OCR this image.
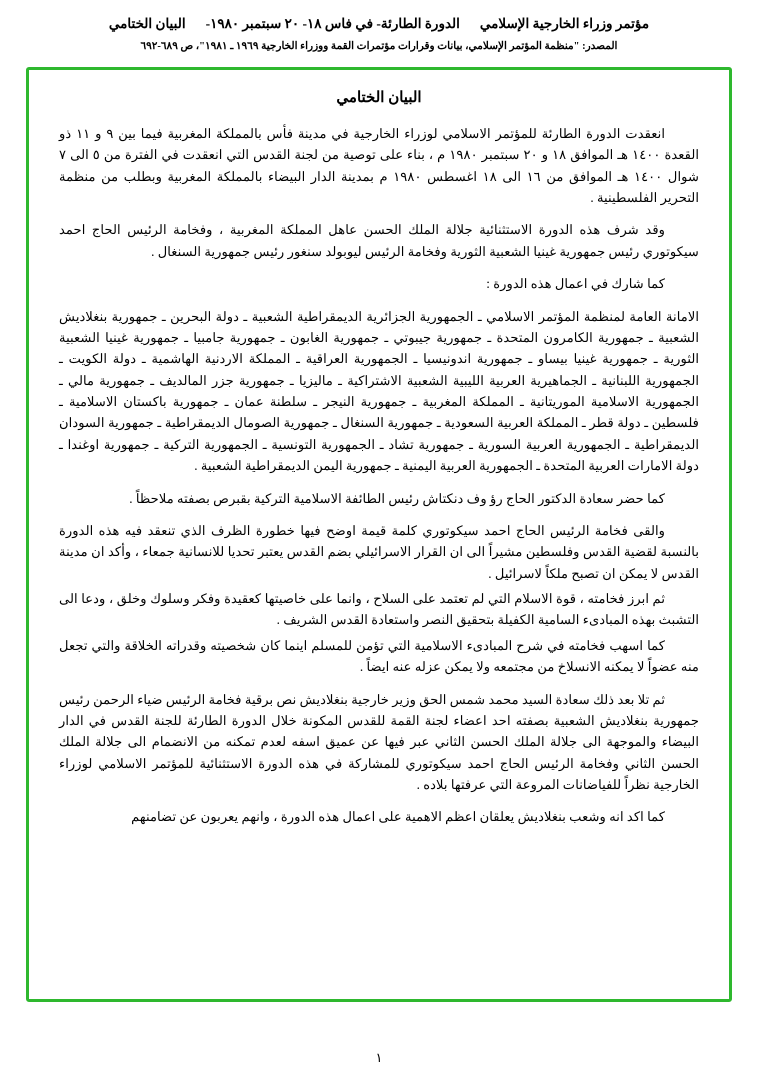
مؤتمر وزراء الخارجية الإسلاميالدورة الطارئة- في فاس ١٨- ٢٠ سبتمبر ١٩٨٠-البيان الختامي
المصدر: "منظمة المؤتمر الإسلامي، بيانات وقرارات مؤتمرات القمة ووزراء الخارجية ١٩٦٩ ـ ١٩٨١"، ص ٦٨٩-٦٩٢
البيان الختامي

انعقدت الدورة الطارئة للمؤتمر الاسلامي لوزراء الخارجية في مدينة فأس بالمملكة المغربية فيما بين ٩ و ١١ ذو القعدة ١٤٠٠ هـ الموافق ١٨ و ٢٠ سبتمبر ١٩٨٠ م ، بناء على توصية من لجنة القدس التي انعقدت في الفترة من ٥ الى ٧ شوال ١٤٠٠ هـ الموافق من ١٦ الى ١٨ اغسطس ١٩٨٠ م بمدينة الدار البيضاء بالمملكة المغربية وبطلب من منظمة التحرير الفلسطينية .

وقد شرف هذه الدورة الاستثنائية جلالة الملك الحسن عاهل المملكة المغربية ، وفخامة الرئيس الحاج احمد سيكوتوري رئيس جمهورية غينيا الشعبية الثورية وفخامة الرئيس ليوبولد سنغور رئيس جمهورية السنغال .

كما شارك في اعمال هذه الدورة :

الامانة العامة لمنظمة المؤتمر الاسلامي ـ الجمهورية الجزائرية الديمقراطية الشعبية ـ دولة البحرين ـ جمهورية بنغلاديش الشعبية ـ جمهورية الكامرون المتحدة ـ جمهورية جيبوتي ـ جمهورية الغابون ـ جمهورية جامبيا ـ جمهورية غينيا الشعبية الثورية ـ جمهورية غينيا بيساو ـ جمهورية اندونيسيا ـ الجمهورية العراقية ـ المملكة الاردنية الهاشمية ـ دولة الكويت ـ الجمهورية اللبنانية ـ الجماهيرية العربية الليبية الشعبية الاشتراكية ـ ماليزيا ـ جمهورية جزر المالديف ـ جمهورية مالي ـ الجمهورية الاسلامية الموريتانية ـ المملكة المغربية ـ جمهورية النيجر ـ سلطنة عمان ـ جمهورية باكستان الاسلامية ـ فلسطين ـ دولة قطر ـ المملكة العربية السعودية ـ جمهورية السنغال ـ جمهورية الصومال الديمقراطية ـ جمهورية السودان الديمقراطية ـ الجمهورية العربية السورية ـ جمهورية تشاد ـ الجمهورية التونسية ـ الجمهورية التركية ـ جمهورية اوغندا ـ دولة الامارات العربية المتحدة ـ الجمهورية العربية اليمنية ـ جمهورية اليمن الديمقراطية الشعبية .

كما حضر سعادة الدكتور الحاج رؤ وف دنكتاش رئيس الطائفة الاسلامية التركية بقبرص بصفته ملاحظاً .

والقى فخامة الرئيس الحاج احمد سيكوتوري كلمة قيمة اوضح فيها خطورة الظرف الذي تنعقد فيه هذه الدورة بالنسبة لقضية القدس وفلسطين مشيراً الى ان القرار الاسرائيلي بضم القدس يعتبر تحديا للانسانية جمعاء ، وأكد ان مدينة القدس لا يمكن ان تصبح ملكاً لاسرائيل .

ثم ابرز فخامته ، قوة الاسلام التي لم تعتمد على السلاح ، وانما على خاصيتها كعقيدة وفكر وسلوك وخلق ، ودعا الى التشبث بهذه المبادىء السامية الكفيلة بتحقيق النصر واستعادة القدس الشريف .

كما اسهب فخامته في شرح المبادىء الاسلامية التي تؤمن للمسلم اينما كان شخصيته وقدراته الخلاقة والتي تجعل منه عضواً لا يمكنه الانسلاخ من مجتمعه ولا يمكن عزله عنه ايضاً .

ثم تلا بعد ذلك سعادة السيد محمد شمس الحق وزير خارجية بنغلاديش نص برقية فخامة الرئيس ضياء الرحمن رئيس جمهورية بنغلاديش الشعبية بصفته احد اعضاء لجنة القمة للقدس المكونة خلال الدورة الطارئة للجنة القدس في الدار البيضاء والموجهة الى جلالة الملك الحسن الثاني عبر فيها عن عميق اسفه لعدم تمكنه من الانضمام الى جلالة الملك الحسن الثاني وفخامة الرئيس الحاج احمد سيكوتوري للمشاركة في هذه الدورة الاستثنائية للمؤتمر الاسلامي لوزراء الخارجية نظراً للفياضانات المروعة التي عرفتها بلاده .

كما اكد انه وشعب بنغلاديش يعلقان اعظم الاهمية على اعمال هذه الدورة ، وانهم يعربون عن تضامنهم

١
